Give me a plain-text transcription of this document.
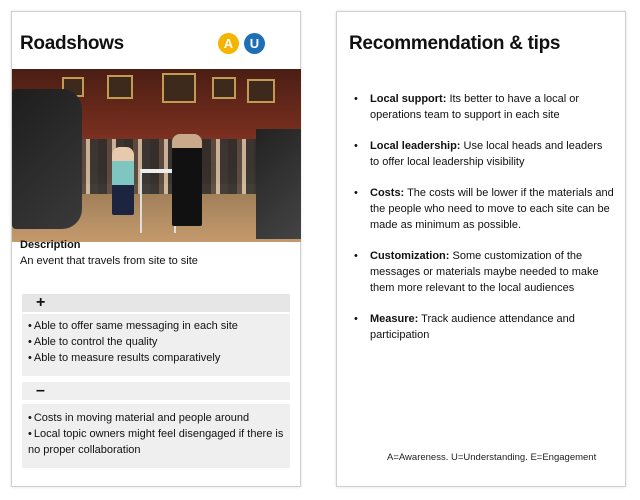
Roadshows	A	U
Description
An event that travels from site to site
+
• Able to offer same messaging in each site
• Able to control the quality
• Able to measure results comparatively
–
• Costs in moving material and people around
• Local topic owners might feel disengaged if there is no proper collaboration
Recommendation & tips
• Local support: Its better to have a local or operations team to support in each site
• Local leadership: Use local heads and leaders to offer local leadership visibility
• Costs: The costs will be lower if the materials and the people who need to move to each site can be made as minimum as possible.
• Customization: Some customization of the messages or materials maybe needed to make them more relevant to the local audiences
• Measure: Track audience attendance and participation
A=Awareness. U=Understanding. E=Engagement
